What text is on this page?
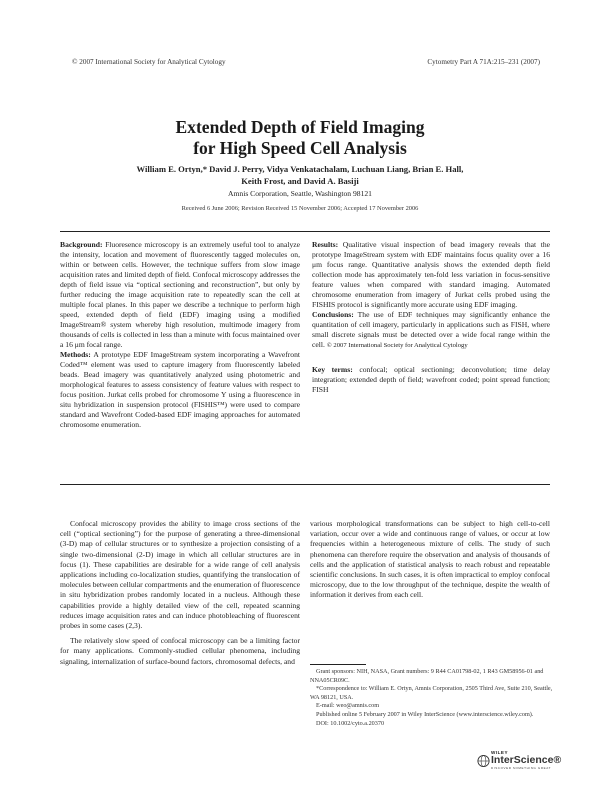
© 2007 International Society for Analytical Cytology	Cytometry Part A 71A:215–231 (2007)
Extended Depth of Field Imaging
for High Speed Cell Analysis
William E. Ortyn,* David J. Perry, Vidya Venkatachalam, Luchuan Liang, Brian E. Hall,
Keith Frost, and David A. Basiji
Amnis Corporation, Seattle, Washington 98121
Received 6 June 2006; Revision Received 15 November 2006; Accepted 17 November 2006

Background: Fluoresence microscopy is an extremely useful tool to analyze the intensity, location and movement of fluorescently tagged molecules on, within or between cells. However, the technique suffers from slow image acquisition rates and limited depth of field. Confocal microscopy addresses the depth of field issue via “optical sectioning and reconstruction”, but only by further reducing the image acquisition rate to repeatedly scan the cell at multiple focal planes. In this paper we describe a technique to perform high speed, extended depth of field (EDF) imaging using a modified ImageStream® system whereby high resolution, multimode imagery from thousands of cells is collected in less than a minute with focus maintained over a 16 μm focal range.

Methods: A prototype EDF ImageStream system incorporating a Wavefront Coded™ element was used to capture imagery from fluorescently labeled beads. Bead imagery was quantitatively analyzed using photometric and morphological features to assess consistency of feature values with respect to focus position. Jurkat cells probed for chromosome Y using a fluorescence in situ hybridization in suspension protocol (FISHIS™) were used to compare standard and Wavefront Coded-based EDF imaging approaches for automated chromosome enumeration.

Results: Qualitative visual inspection of bead imagery reveals that the prototype ImageStream system with EDF maintains focus quality over a 16 μm focus range. Quantitative analysis shows the extended depth field collection mode has approximately ten-fold less variation in focus-sensitive feature values when compared with standard imaging. Automated chromosome enumeration from imagery of Jurkat cells probed using the FISHIS protocol is significantly more accurate using EDF imaging.

Conclusions: The use of EDF techniques may significantly enhance the quantitation of cell imagery, particularly in applications such as FISH, where small discrete signals must be detected over a wide focal range within the cell. © 2007 International Society for Analytical Cytology

Key terms: confocal; optical sectioning; deconvolution; time delay integration; extended depth of field; wavefront coded; point spread function; FISH

Confocal microscopy provides the ability to image cross sections of the cell (“optical sectioning”) for the purpose of generating a three-dimensional (3-D) map of cellular structures or to synthesize a projection consisting of a single two-dimensional (2-D) image in which all cellular structures are in focus (1). These capabilities are desirable for a wide range of cell analysis applications including co-localization studies, quantifying the translocation of molecules between cellular compartments and the enumeration of fluorescence in situ hybridization probes randomly located in a nucleus. Although these capabilities provide a highly detailed view of the cell, repeated scanning reduces image acquisition rates and can induce photobleaching of fluorescent probes in some cases (2,3).

The relatively slow speed of confocal microscopy can be a limiting factor for many applications. Commonly-studied cellular phenomena, including signaling, internalization of surface-bound factors, chromosomal defects, and

various morphological transformations can be subject to high cell-to-cell variation, occur over a wide and continuous range of values, or occur at low frequencies within a heterogeneous mixture of cells. The study of such phenomena can therefore require the observation and analysis of thousands of cells and the application of statistical analysis to reach robust and repeatable scientific conclusions. In such cases, it is often impractical to employ confocal microscopy, due to the low throughput of the technique, despite the wealth of information it derives from each cell.

Grant sponsors: NIH, NASA, Grant numbers: 9 R44 CA01798-02, 1 R43 GM58956-01 and NNA05CR09C.

*Correspondence to: William E. Ortyn, Amnis Corporation, 2505 Third Ave, Suite 210, Seattle, WA 98121, USA.

E-mail: weo@amnis.com

Published online 5 February 2007 in Wiley InterScience (www.interscience.wiley.com).

DOI: 10.1002/cyto.a.20370

WILEY
InterScience®
DISCOVER SOMETHING GREAT
